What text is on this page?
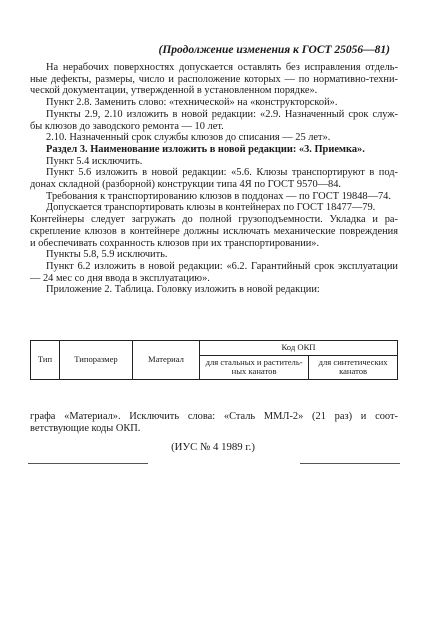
(Продолжение изменения к ГОСТ 25056—81)
На нерабочих поверхностях допускается оставлять без исправления отдель-
ные дефекты, размеры, число и расположение которых — по нормативно-техни-
ческой документации, утвержденной в установленном порядке».
Пункт 2.8. Заменить слово: «технической» на «конструкторской».
Пункты 2.9, 2.10 изложить в новой редакции: «2.9. Назначенный срок служ-
бы клюзов до заводского ремонта — 10 лет.
2.10. Назначенный срок службы клюзов до списания — 25 лет».
Раздел 3. Наименование изложить в новой редакции: «3. Приемка».
Пункт 5.4 исключить.
Пункт 5.6 изложить в новой редакции: «5.6. Клюзы транспортируют в под-
донах складной (разборной) конструкции типа 4Я по ГОСТ 9570—84.
Требования к транспортированию клюзов в поддонах — по ГОСТ 19848—74.
Допускается транспортировать клюзы в контейнерах по ГОСТ 18477—79.
Контейнеры следует загружать до полной грузоподъемности. Укладка и ра-
скрепление клюзов в контейнере должны исключать механические повреждения
и обеспечивать сохранность клюзов при их транспортировании».
Пункты 5.8, 5.9 исключить.
Пункт 6.2 изложить в новой редакции: «6.2. Гарантийный срок эксплуатации
— 24 мес со дня ввода в эксплуатацию».
Приложение 2. Таблица. Головку изложить в новой редакции:
Тип	Типоразмер	Материал	Код ОКП	
			для стальных и раститель-ных канатов	для синтетических канатов
графа «Материал». Исключить слова: «Сталь ММЛ-2» (21 раз) и соот-
ветствующие коды ОКП.
(ИУС № 4 1989 г.)
